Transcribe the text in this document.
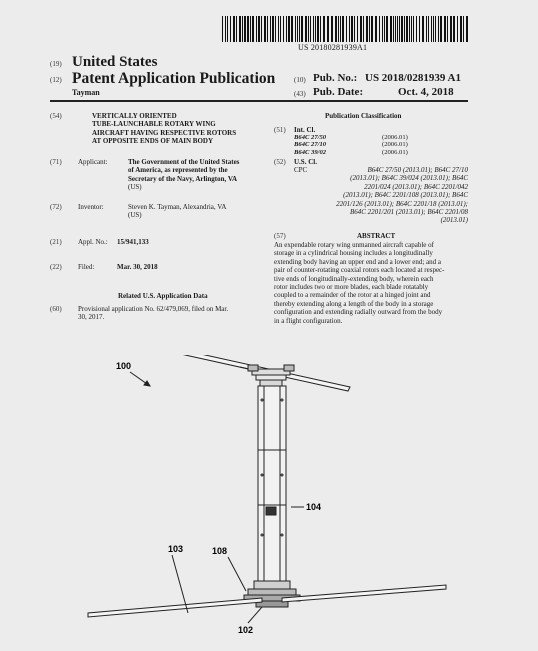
US 20180281939A1
(19) United States
(12) Patent Application Publication
Tayman
(10) Pub. No.: US 2018/0281939 A1
(43) Pub. Date:	Oct. 4, 2018
(54)	VERTICALLY ORIENTED
TUBE-LAUNCHABLE ROTARY WING
AIRCRAFT HAVING RESPECTIVE ROTORS
AT OPPOSITE ENDS OF MAIN BODY
(71) Applicant:	The Government of the United States
of America, as represented by the
Secretary of the Navy, Arlington, VA
(US)
(72) Inventor:	Steven K. Tayman, Alexandria, VA
(US)
(21) Appl. No.: 15/941,133
(22) Filed:	Mar. 30, 2018
Related U.S. Application Data
(60) Provisional application No. 62/479,069, filed on Mar.
30, 2017.
Publication Classification
(51) Int. Cl.
B64C 27/50	(2006.01)
B64C 27/10	(2006.01)
B64C 39/02	(2006.01)
(52) U.S. Cl.
CPC	B64C 27/50 (2013.01); B64C 27/10
(2013.01); B64C 39/024 (2013.01); B64C
2201/024 (2013.01); B64C 2201/042
(2013.01); B64C 2201/108 (2013.01); B64C
2201/126 (2013.01); B64C 2201/18 (2013.01);
B64C 2201/201 (2013.01); B64C 2201/08
(2013.01)
(57)	ABSTRACT
An expendable rotary wing unmanned aircraft capable of
storage in a cylindrical housing includes a longitudinally
extending body having an upper end and a lower end; and a
pair of counter-rotating coaxial rotors each located at respec-
tive ends of longitudinally-extending body, wherein each
rotor includes two or more blades, each blade rotatably
coupled to a remainder of the rotor at a hinged joint and
thereby extending along a length of the body in a storage
configuration and extending radially outward from the body
in a flight configuration.
100
104
103	108
102
